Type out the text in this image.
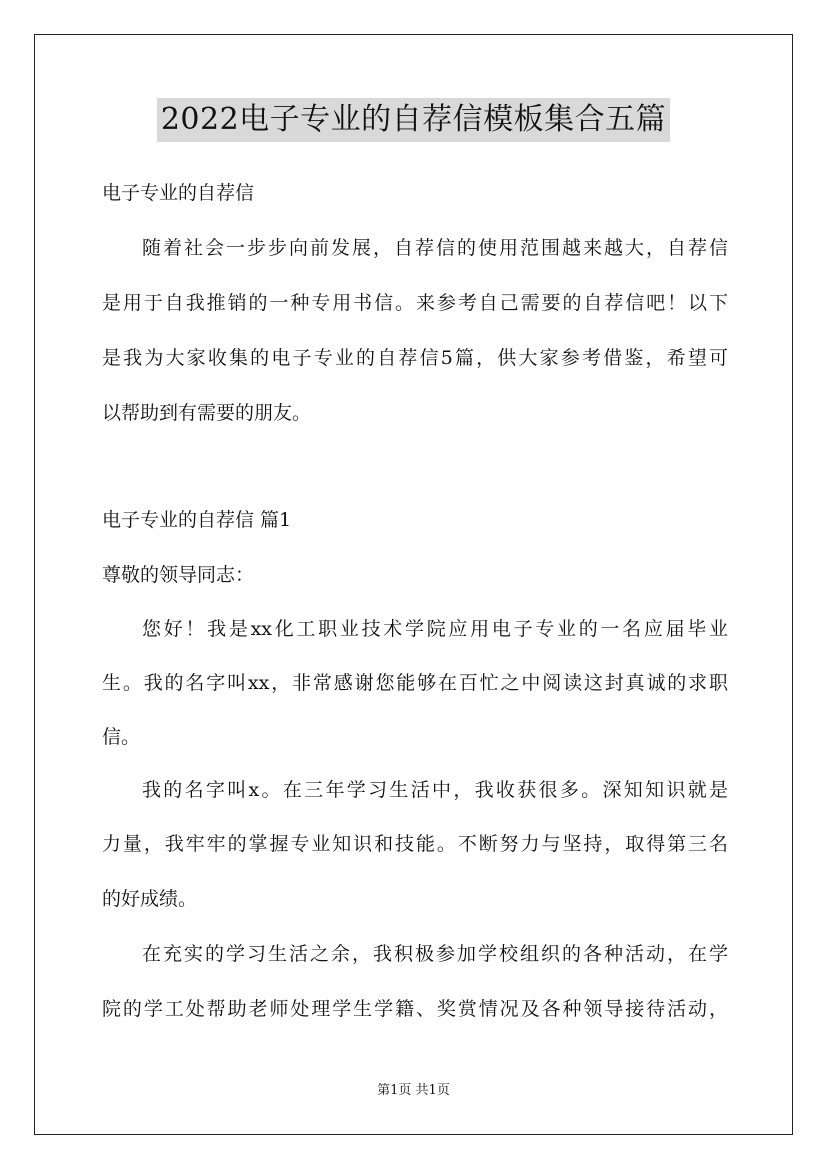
2022电子专业的自荐信模板集合五篇
电子专业的自荐信
随着社会一步步向前发展，自荐信的使用范围越来越大，自荐信
是用于自我推销的一种专用书信。来参考自己需要的自荐信吧！以下
是我为大家收集的电子专业的自荐信5篇，供大家参考借鉴，希望可
以帮助到有需要的朋友。
电子专业的自荐信 篇1
尊敬的领导同志：
您好！我是xx化工职业技术学院应用电子专业的一名应届毕业
生。我的名字叫xx，非常感谢您能够在百忙之中阅读这封真诚的求职
信。
我的名字叫x。在三年学习生活中，我收获很多。深知知识就是
力量，我牢牢的掌握专业知识和技能。不断努力与坚持，取得第三名
的好成绩。
在充实的学习生活之余，我积极参加学校组织的各种活动，在学
院的学工处帮助老师处理学生学籍、奖赏情况及各种领导接待活动，
第1页 共1页
